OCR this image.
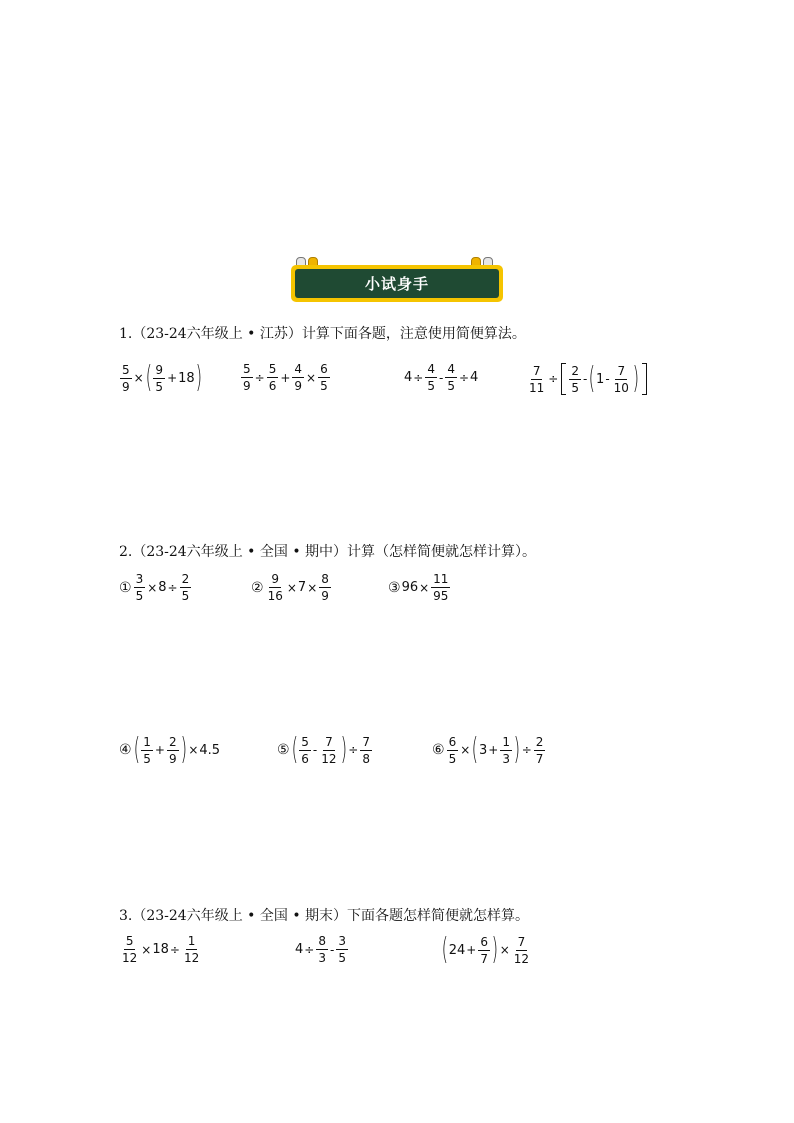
小试身手
1.（23-24六年级上 • 江苏）计算下面各题，注意使用简便算法。
$\frac{5}{9}$ × ( $\frac{9}{5} + 18$ )	$\frac{5}{9} \div \frac{5}{6} + \frac{4}{9} \times \frac{6}{5}$	$4 \div \frac{4}{5} - \frac{4}{5} \div 4$	$\frac{7}{11} \div \frac{2}{5}$ - ( $1 - \frac{7}{10}$ )
2.（23-24六年级上 • 全国 • 期中）计算（怎样简便就怎样计算）。
① $\frac{3}{5} \times 8 \div \frac{2}{5}$	② $\frac{9}{16} \times 7 \times \frac{8}{9}$	③ $96 \times \frac{11}{95}$
④ ( $\frac{1}{5} + \frac{2}{9}$ ) × 4.5	⑤ ( $\frac{5}{6} - \frac{7}{12}$ ) ÷ $\frac{7}{8}$	⑥ $\frac{6}{5}$ × ( $3 + \frac{1}{3}$ ) ÷ $\frac{2}{7}$
3.（23-24六年级上 • 全国 • 期末）下面各题怎样简便就怎样算。
$\frac{5}{12} \times 18 \div \frac{1}{12}$	$4 \div \frac{8}{3} - \frac{3}{5}$	( $24 + \frac{6}{7}$ ) × $\frac{7}{12}$
